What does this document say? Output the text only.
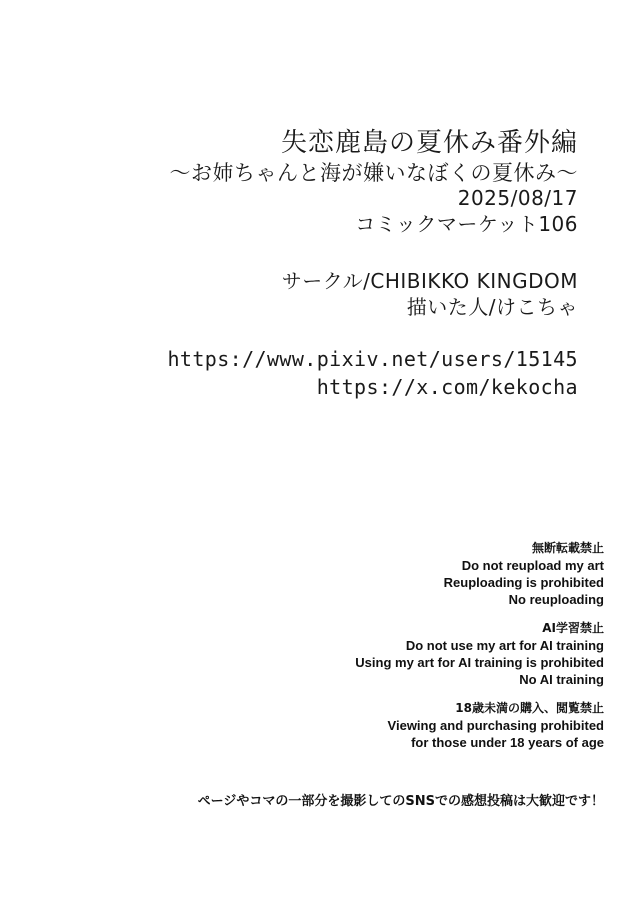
失恋鹿島の夏休み番外編
〜お姉ちゃんと海が嫌いなぼくの夏休み〜
2025/08/17
コミックマーケット106
サークル/CHIBIKKO KINGDOM
描いた人/けこちゃ
https://www.pixiv.net/users/15145
https://x.com/kekocha
無断転載禁止
Do not reupload my art
Reuploading is prohibited
No reuploading
AI学習禁止
Do not use my art for AI training
Using my art for AI training is prohibited
No AI training
18歳未満の購入、閲覧禁止
Viewing and purchasing prohibited
for those under 18 years of age
ページやコマの一部分を撮影してのSNSでの感想投稿は大歓迎です！
